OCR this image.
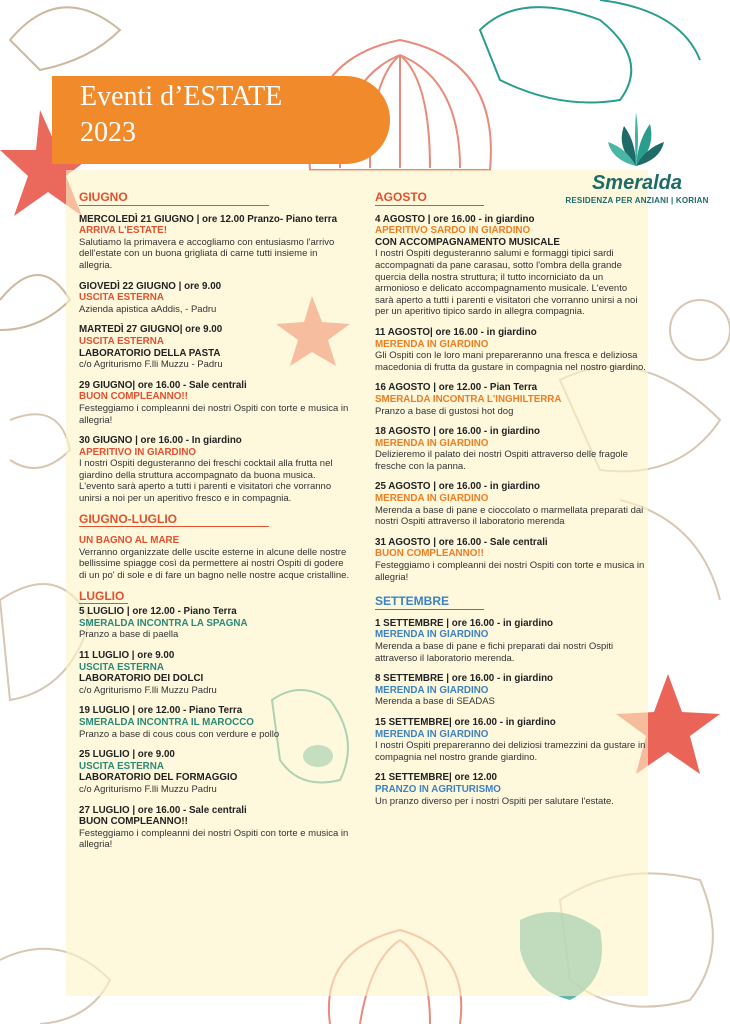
Eventi d’ESTATE
2023
Smeralda
RESIDENZA PER ANZIANI | KORIAN
GIUGNO
MERCOLEDÌ 21 GIUGNO | ore 12.00 Pranzo- Piano terra
ARRIVA L'ESTATE!
Salutiamo la primavera e accogliamo con entusiasmo l'arrivo dell'estate con un buona grigliata di carne tutti insieme in allegria.
GIOVEDÌ 22 GIUGNO | ore 9.00
USCITA ESTERNA
Azienda apistica aAddis, - Padru
MARTEDÌ 27 GIUGNO| ore 9.00
USCITA ESTERNA
LABORATORIO DELLA PASTA
c/o Agriturismo F.lli Muzzu - Padru
29 GIUGNO| ore 16.00 - Sale centrali
BUON COMPLEANNO!!
Festeggiamo i compleanni dei nostri Ospiti con torte e musica in allegria!
30 GIUGNO | ore 16.00 - In giardino
APERITIVO IN GIARDINO
I nostri Ospiti degusteranno dei freschi cocktail alla frutta nel giardino della struttura accompagnato da buona musica. L'evento sarà aperto a tutti i parenti e visitatori che vorranno unirsi a noi per un aperitivo fresco e in compagnia.
GIUGNO-LUGLIO
UN BAGNO AL MARE
Verranno organizzate delle uscite esterne in alcune delle nostre bellissime spiagge così da permettere ai nostri Ospiti di godere di un po' di sole e di fare un bagno nelle nostre acque cristalline.
LUGLIO
5 LUGLIO | ore 12.00 - Piano Terra
SMERALDA INCONTRA LA SPAGNA
Pranzo a base di paella
11 LUGLIO | ore 9.00
USCITA ESTERNA
LABORATORIO DEI DOLCI
c/o Agriturismo F.lli Muzzu Padru
19 LUGLIO | ore 12.00 - Piano Terra
SMERALDA INCONTRA IL MAROCCO
Pranzo a base di cous cous con verdure e pollo
25 LUGLIO | ore 9.00
USCITA ESTERNA
LABORATORIO DEL FORMAGGIO
c/o Agriturismo F.lli Muzzu Padru
27 LUGLIO | ore 16.00 - Sale centrali
BUON COMPLEANNO!!
Festeggiamo i compleanni dei nostri Ospiti con torte e musica in allegria!
AGOSTO
4 AGOSTO | ore 16.00 - in giardino
APERITIVO SARDO IN GIARDINO
CON ACCOMPAGNAMENTO MUSICALE
I nostri Ospiti degusteranno salumi e formaggi tipici sardi accompagnati da pane carasau, sotto l'ombra della grande quercia della nostra struttura; il tutto incorniciato da un armonioso e delicato accompagnamento musicale. L'evento sarà aperto a tutti i parenti e visitatori che vorranno unirsi a noi per un aperitivo tipico sardo in allegra compagnia.
11 AGOSTO| ore 16.00 - in giardino
MERENDA IN GIARDINO
Gli Ospiti con le loro mani prepareranno una fresca e deliziosa macedonia di frutta da gustare in compagnia nel nostro giardino.
16 AGOSTO | ore 12.00 - Pian Terra
SMERALDA INCONTRA L'INGHILTERRA
Pranzo a base di gustosi hot dog
18 AGOSTO | ore 16.00 - in giardino
MERENDA IN GIARDINO
Delizieremo il palato dei nostri Ospiti attraverso delle fragole fresche con la panna.
25 AGOSTO | ore 16.00 - in giardino
MERENDA IN GIARDINO
Merenda a base di pane e cioccolato o marmellata preparati dai nostri Ospiti attraverso il laboratorio merenda
31 AGOSTO | ore 16.00 - Sale centrali
BUON COMPLEANNO!!
Festeggiamo i compleanni dei nostri Ospiti con torte e musica in allegria!
SETTEMBRE
1 SETTEMBRE | ore 16.00 - in giardino
MERENDA IN GIARDINO
Merenda a base di pane e fichi preparati dai nostri Ospiti attraverso il laboratorio merenda.
8 SETTEMBRE | ore 16.00 - in giardino
MERENDA IN GIARDINO
Merenda a base di SEADAS
15 SETTEMBRE| ore 16.00 - in giardino
MERENDA IN GIARDINO
I nostri Ospiti prepareranno dei deliziosi tramezzini da gustare in compagnia nel nostro grande giardino.
21 SETTEMBRE| ore 12.00
PRANZO IN AGRITURISMO
Un pranzo diverso per i nostri Ospiti per salutare l'estate.
